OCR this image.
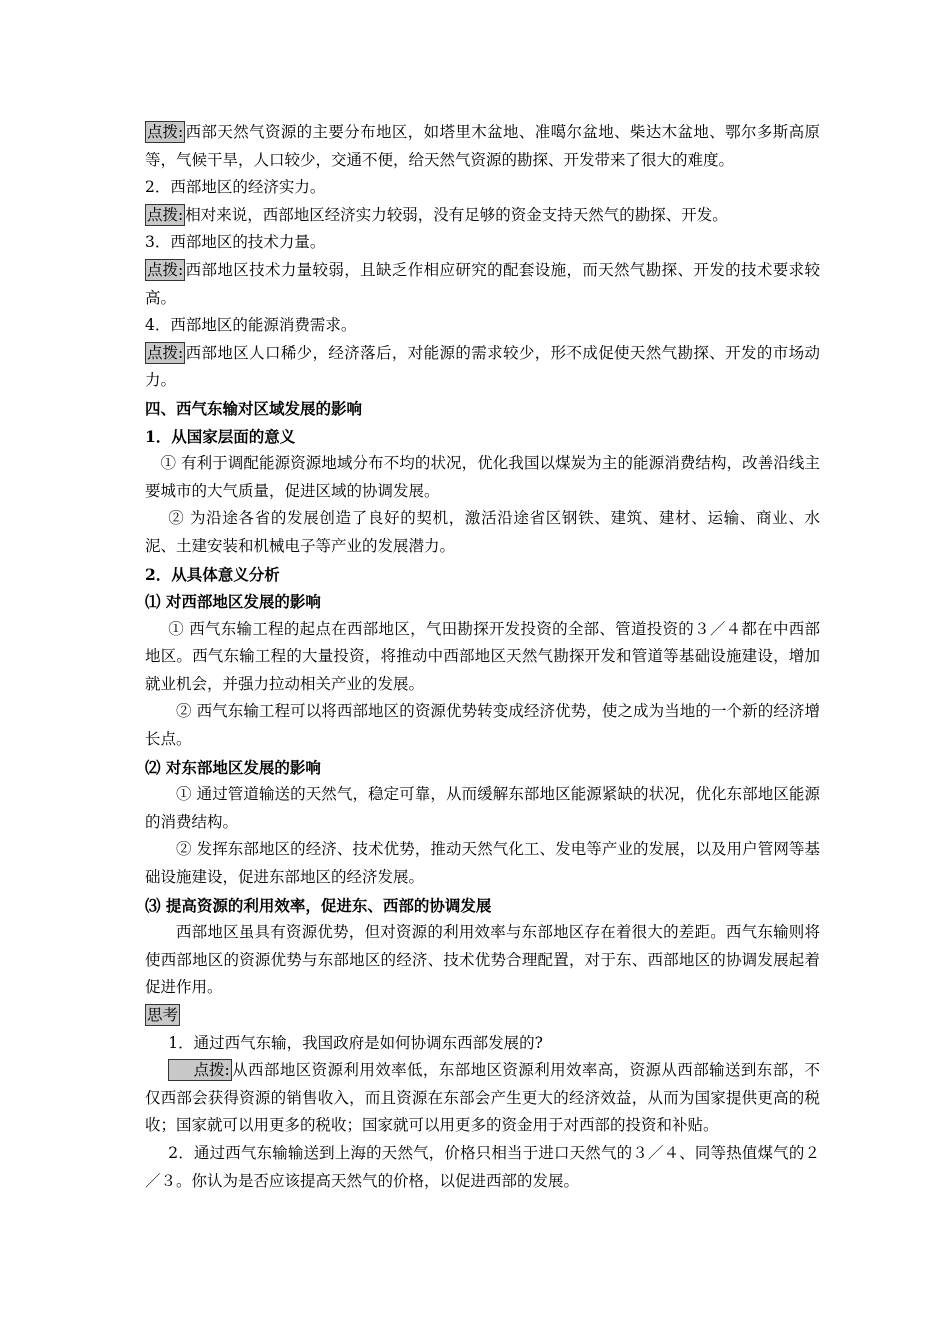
点拨: 西部天然气资源的主要分布地区，如塔里木盆地、准噶尔盆地、柴达木盆地、鄂尔多斯高原等，气候干旱，人口较少，交通不便，给天然气资源的勘探、开发带来了很大的难度。

2．西部地区的经济实力。

点拨: 相对来说，西部地区经济实力较弱，没有足够的资金支持天然气的勘探、开发。

3．西部地区的技术力量。

点拨: 西部地区技术力量较弱，且缺乏作相应研究的配套设施，而天然气勘探、开发的技术要求较高。

4．西部地区的能源消费需求。

点拨: 西部地区人口稀少，经济落后，对能源的需求较少，形不成促使天然气勘探、开发的市场动力。

四、西气东输对区域发展的影响

1．从国家层面的意义

① 有利于调配能源资源地域分布不均的状况，优化我国以煤炭为主的能源消费结构，改善沿线主要城市的大气质量，促进区域的协调发展。

② 为沿途各省的发展创造了良好的契机，激活沿途省区钢铁、建筑、建材、运输、商业、水泥、土建安装和机械电子等产业的发展潜力。

2．从具体意义分析

⑴ 对西部地区发展的影响

① 西气东输工程的起点在西部地区，气田勘探开发投资的全部、管道投资的３／４都在中西部地区。西气东输工程的大量投资，将推动中西部地区天然气勘探开发和管道等基础设施建设，增加就业机会，并强力拉动相关产业的发展。

② 西气东输工程可以将西部地区的资源优势转变成经济优势，使之成为当地的一个新的经济增长点。

⑵ 对东部地区发展的影响

① 通过管道输送的天然气，稳定可靠，从而缓解东部地区能源紧缺的状况，优化东部地区能源的消费结构。

② 发挥东部地区的经济、技术优势，推动天然气化工、发电等产业的发展，以及用户管网等基础设施建设，促进东部地区的经济发展。

⑶ 提高资源的利用效率，促进东、西部的协调发展

西部地区虽具有资源优势，但对资源的利用效率与东部地区存在着很大的差距。西气东输则将使西部地区的资源优势与东部地区的经济、技术优势合理配置，对于东、西部地区的协调发展起着促进作用。

思考

1．通过西气东输，我国政府是如何协调东西部发展的?

点拨: 从西部地区资源利用效率低，东部地区资源利用效率高，资源从西部输送到东部，不仅西部会获得资源的销售收入，而且资源在东部会产生更大的经济效益，从而为国家提供更高的税收；国家就可以用更多的税收；国家就可以用更多的资金用于对西部的投资和补贴。

2．通过西气东输输送到上海的天然气，价格只相当于进口天然气的３／４、同等热值煤气的２／３。你认为是否应该提高天然气的价格，以促进西部的发展。
